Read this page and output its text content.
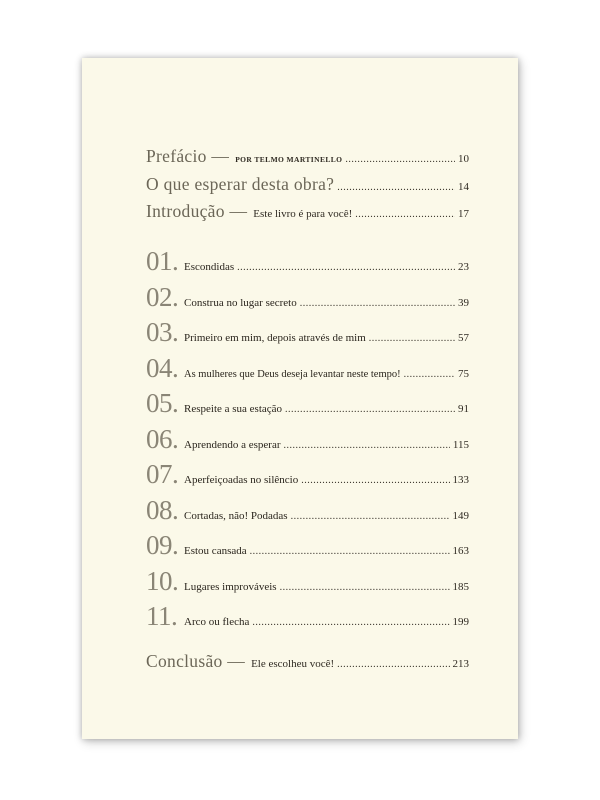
Prefácio — POR TELMO MARTINELLO .....	10
O que esperar desta obra? .....	14
Introdução — Este livro é para você! .....	17
01. Escondidas .....	23
02. Construa no lugar secreto .....	39
03. Primeiro em mim, depois através de mim .....	57
04. As mulheres que Deus deseja levantar neste tempo! .....	75
05. Respeite a sua estação .....	91
06. Aprendendo a esperar .....	115
07. Aperfeiçoadas no silêncio .....	133
08. Cortadas, não! Podadas .....	149
09. Estou cansada .....	163
10. Lugares improváveis .....	185
11. Arco ou flecha .....	199
Conclusão — Ele escolheu você! .....	213
